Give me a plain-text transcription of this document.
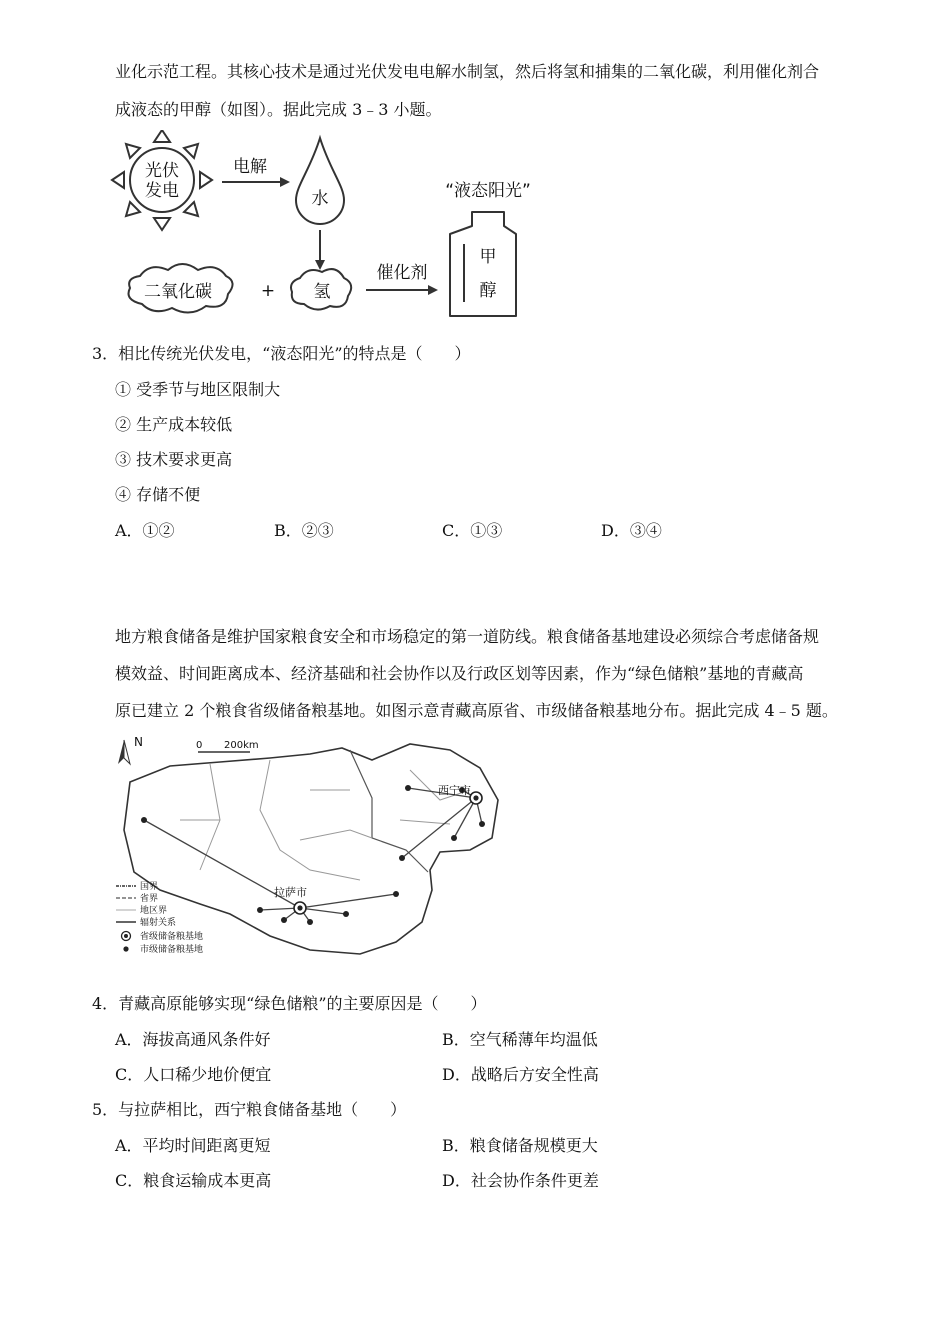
业化示范工程。其核心技术是通过光伏发电电解水制氢，然后将氢和捕集的二氧化碳，利用催化剂合
成液态的甲醇（如图）。据此完成 3﹣3 小题。
光伏
发电
电解
水	“液态阳光”
甲
醇
二氧化碳	+ 氢
催化剂
3．相比传统光伏发电，“液态阳光”的特点是（　　）
① 受季节与地区限制大
② 生产成本较低
③ 技术要求更高
④ 存储不便
A．①②	B．②③	C．①③	D．③④
地方粮食储备是维护国家粮食安全和市场稳定的第一道防线。粮食储备基地建设必须综合考虑储备规
模效益、时间距离成本、经济基础和社会协作以及行政区划等因素，作为“绿色储粮”基地的青藏高
原已建立 2 个粮食省级储备粮基地。如图示意青藏高原省、市级储备粮基地分布。据此完成 4﹣5 题。
N	0 200km
西宁市
拉萨市
国界
省界
地区界
辐射关系
省级储备粮基地
市级储备粮基地
4．青藏高原能够实现“绿色储粮”的主要原因是（　　）
A．海拔高通风条件好	B．空气稀薄年均温低
C．人口稀少地价便宜	D．战略后方安全性高
5．与拉萨相比，西宁粮食储备基地（　　）
A．平均时间距离更短	B．粮食储备规模更大
C．粮食运输成本更高	D．社会协作条件更差
